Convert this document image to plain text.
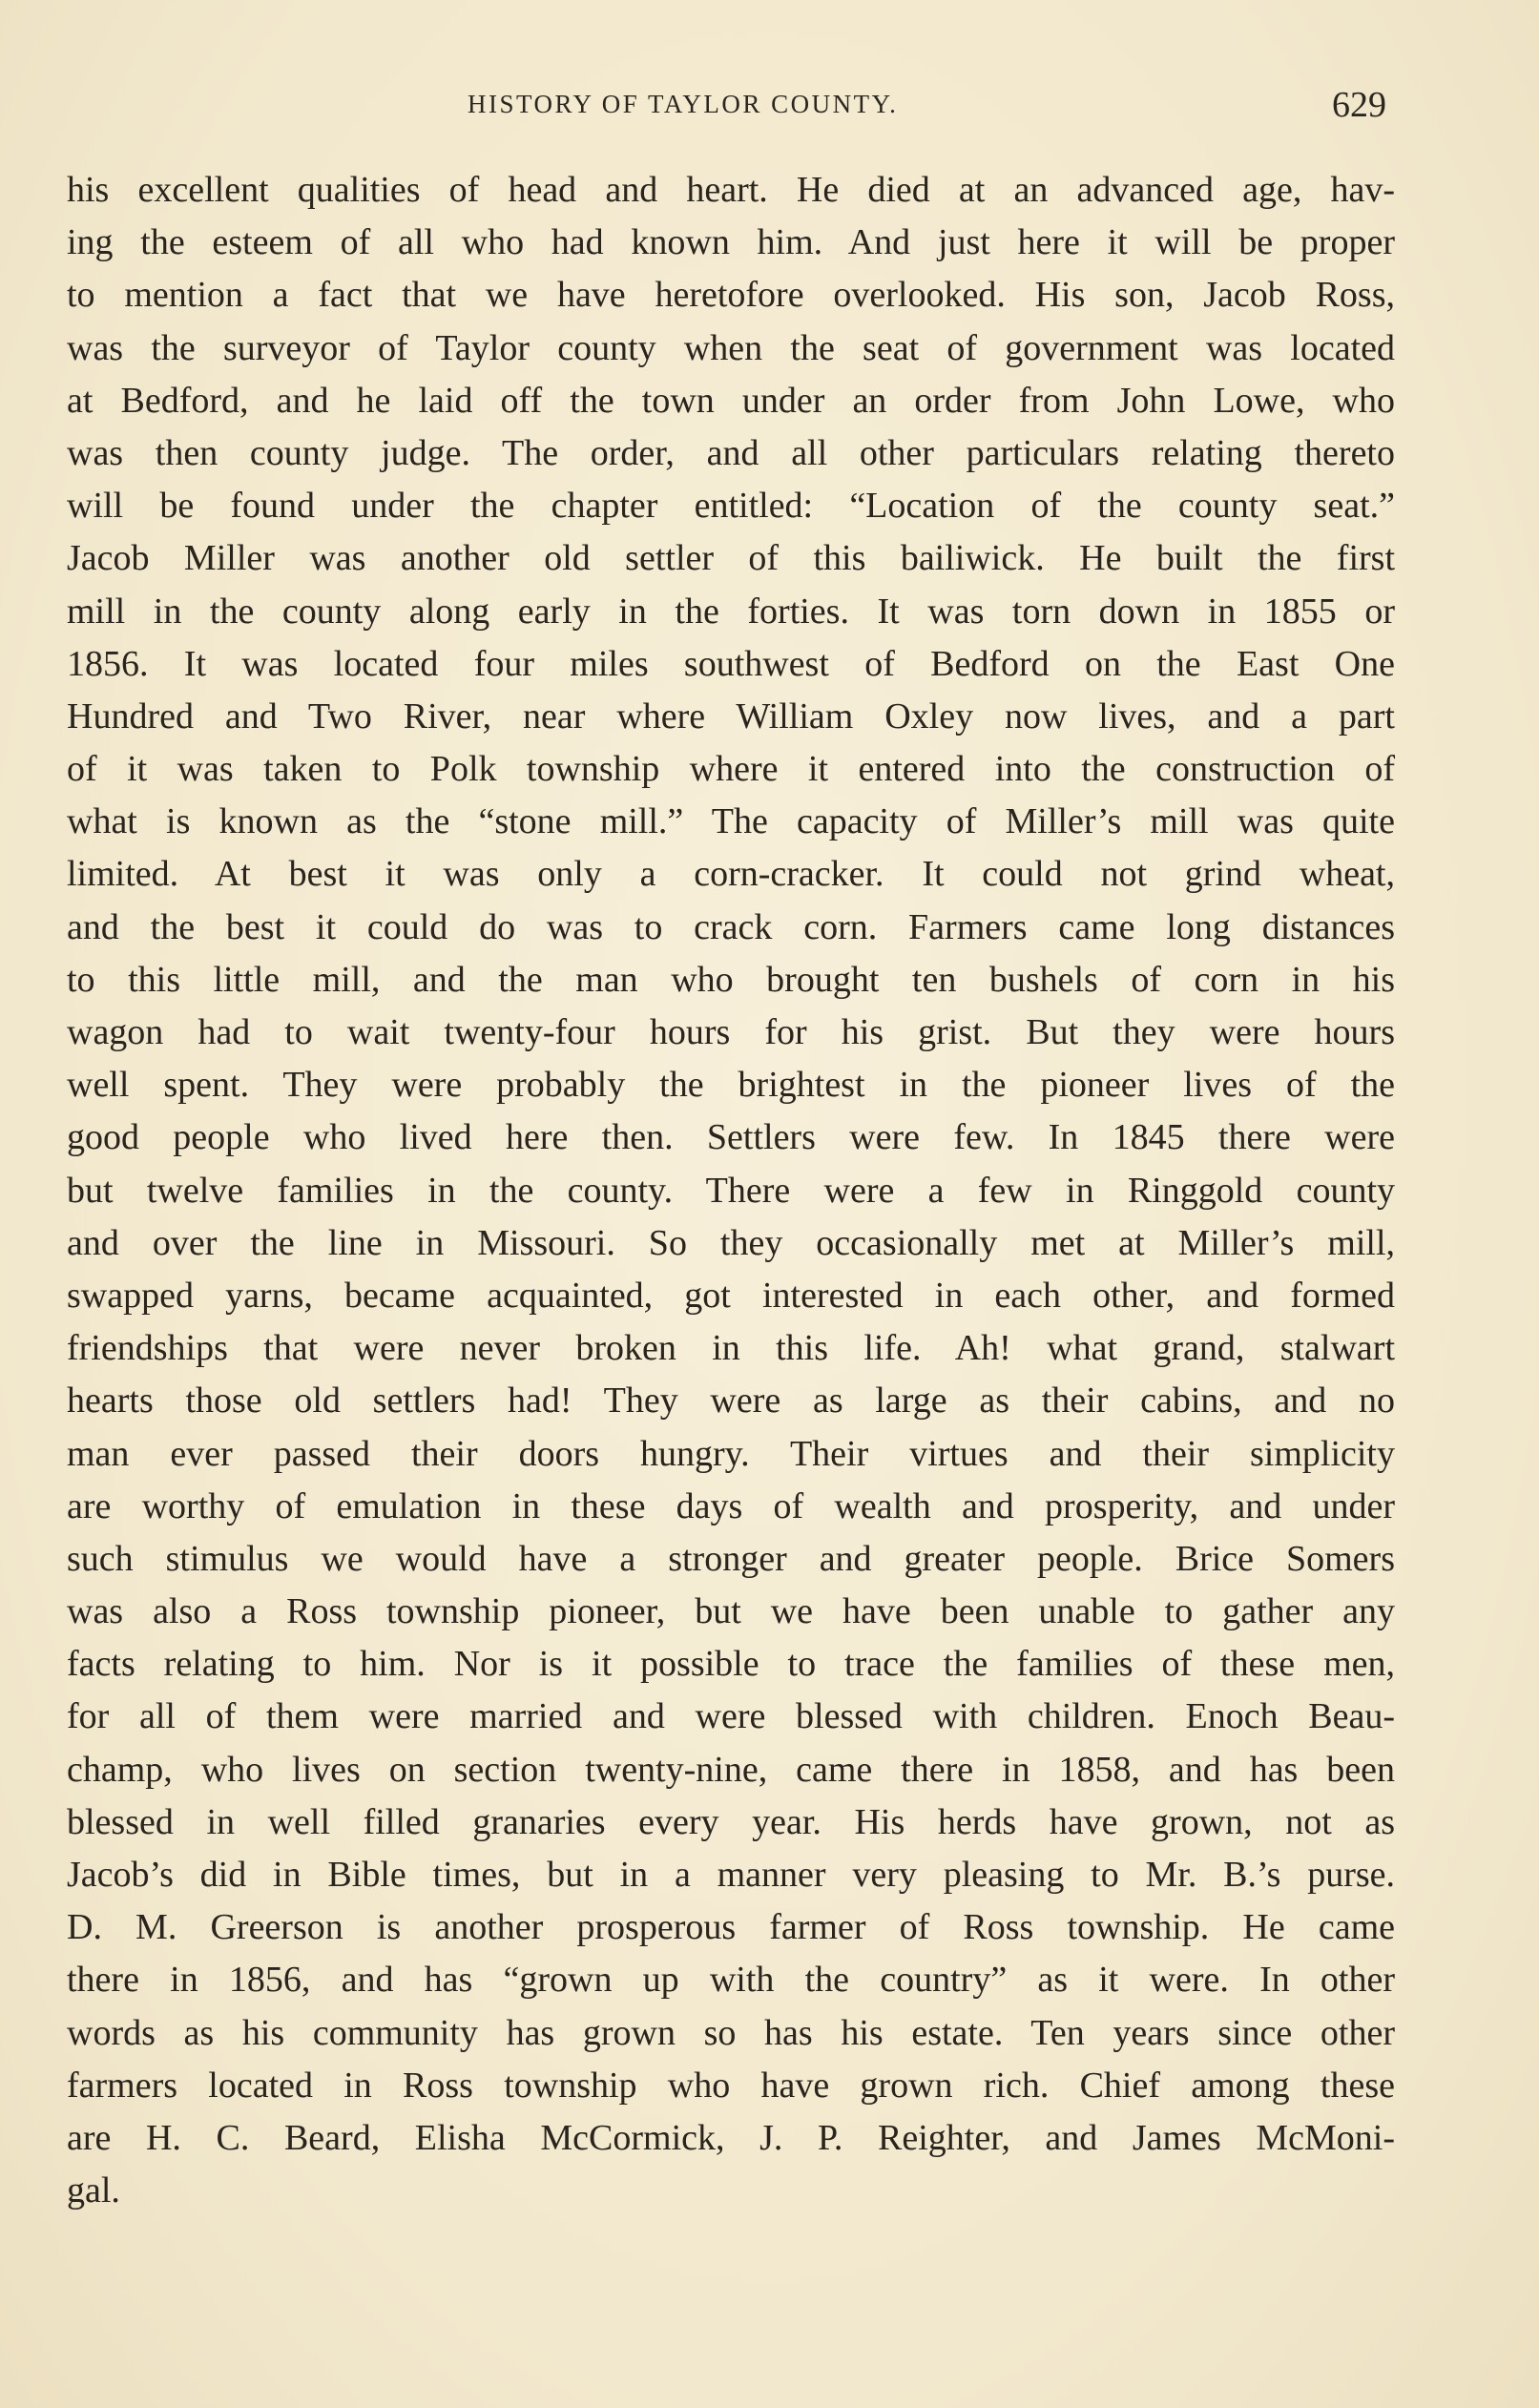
HISTORY OF TAYLOR COUNTY.	629
his excellent qualities of head and heart. He died at an advanced age, hav-
ing the esteem of all who had known him. And just here it will be proper
to mention a fact that we have heretofore overlooked. His son, Jacob Ross,
was the surveyor of Taylor county when the seat of government was located
at Bedford, and he laid off the town under an order from John Lowe, who
was then county judge. The order, and all other particulars relating thereto
will be found under the chapter entitled: “Location of the county seat.”
Jacob Miller was another old settler of this bailiwick. He built the first
mill in the county along early in the forties. It was torn down in 1855 or
1856. It was located four miles southwest of Bedford on the East One
Hundred and Two River, near where William Oxley now lives, and a part
of it was taken to Polk township where it entered into the construction of
what is known as the “stone mill.” The capacity of Miller’s mill was quite
limited. At best it was only a corn-cracker. It could not grind wheat,
and the best it could do was to crack corn. Farmers came long distances
to this little mill, and the man who brought ten bushels of corn in his
wagon had to wait twenty-four hours for his grist. But they were hours
well spent. They were probably the brightest in the pioneer lives of the
good people who lived here then. Settlers were few. In 1845 there were
but twelve families in the county. There were a few in Ringgold county
and over the line in Missouri. So they occasionally met at Miller’s mill,
swapped yarns, became acquainted, got interested in each other, and formed
friendships that were never broken in this life. Ah! what grand, stalwart
hearts those old settlers had! They were as large as their cabins, and no
man ever passed their doors hungry. Their virtues and their simplicity
are worthy of emulation in these days of wealth and prosperity, and under
such stimulus we would have a stronger and greater people. Brice Somers
was also a Ross township pioneer, but we have been unable to gather any
facts relating to him. Nor is it possible to trace the families of these men,
for all of them were married and were blessed with children. Enoch Beau-
champ, who lives on section twenty-nine, came there in 1858, and has been
blessed in well filled granaries every year. His herds have grown, not as
Jacob’s did in Bible times, but in a manner very pleasing to Mr. B.’s purse.
D. M. Greerson is another prosperous farmer of Ross township. He came
there in 1856, and has “grown up with the country” as it were. In other
words as his community has grown so has his estate. Ten years since other
farmers located in Ross township who have grown rich. Chief among these
are H. C. Beard, Elisha McCormick, J. P. Reighter, and James McMoni-
gal.
